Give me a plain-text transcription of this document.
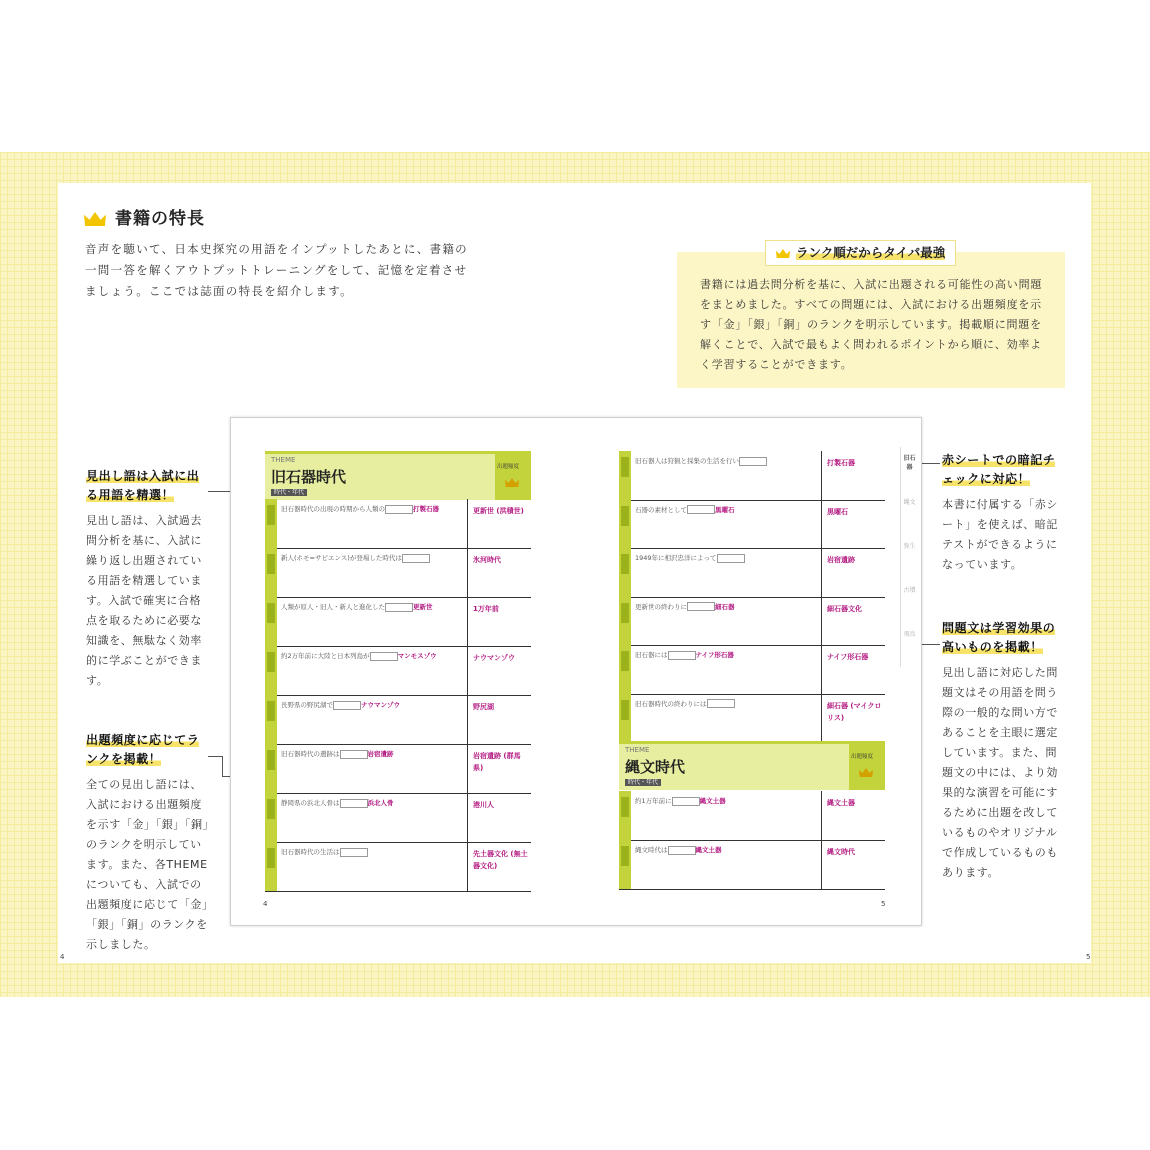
書籍の特長
音声を聴いて、日本史探究の用語をインプットしたあとに、書籍の一問一答を解くアウトプットトレーニングをして、記憶を定着させましょう。ここでは誌面の特長を紹介します。
ランク順だからタイパ最強
書籍には過去問分析を基に、入試に出題される可能性の高い問題をまとめました。すべての問題には、入試における出題頻度を示す「金」「銀」「銅」のランクを明示しています。掲載順に問題を解くことで、入試で最もよく問われるポイントから順に、効率よく学習することができます。
見出し語は入試に出る用語を精選！
見出し語は、入試過去問分析を基に、入試に繰り返し出題されている用語を精選しています。入試で確実に合格点を取るために必要な知識を、無駄なく効率的に学ぶことができます。
出題頻度に応じてランクを掲載！
全ての見出し語には、入試における出題頻度を示す「金」「銀」「銅」のランクを明示しています。また、各THEMEについても、入試での出題頻度に応じて「金」「銀」「銅」のランクを示しました。
赤シートでの暗記チェックに対応！
本書に付属する「赤シート」を使えば、暗記テストができるようになっています。
問題文は学習効果の高いものを掲載！
見出し語に対応した問題文はその用語を問う際の一般的な問い方であることを主眼に選定しています。また、問題文の中には、より効果的な演習を可能にするために出題を改しているものやオリジナルで作成しているものもあります。
THEME
旧石器時代
時代・年代
出題頻度
旧石器時代の出現の時期から人類の	打製石器	更新世 (洪積世)
新人(ホモ=サピエンス)が登場した時代は	氷河時代
人類が原人・旧人・新人と進化した	更新世	1万年前
約2万年前に大陸と日本列島が	マンモスゾウ	ナウマンゾウ
長野県の野尻湖で	ナウマンゾウ	野尻湖
旧石器時代の遺跡は	岩宿遺跡	岩宿遺跡 (群馬県)
静岡県の浜北人骨は	浜北人骨	港川人
旧石器時代の生活は	先土器文化 (無土器文化)
旧石器人は狩猟と採集の生活を行い	打製石器
石器の素材として	黒曜石	黒曜石
1949年に相沢忠洋によって	岩宿遺跡
更新世の終わりに	細石器	細石器文化
旧石器には	ナイフ形石器	ナイフ形石器
旧石器時代の終わりには	細石器 (マイクロリス)
THEME
縄文時代
時代・年代
出題頻度
約1万年前に	縄文土器	縄文土器
縄文時代は	縄文土器	縄文時代
4	5
旧石器
縄文
弥生
古墳
飛鳥
4	5
